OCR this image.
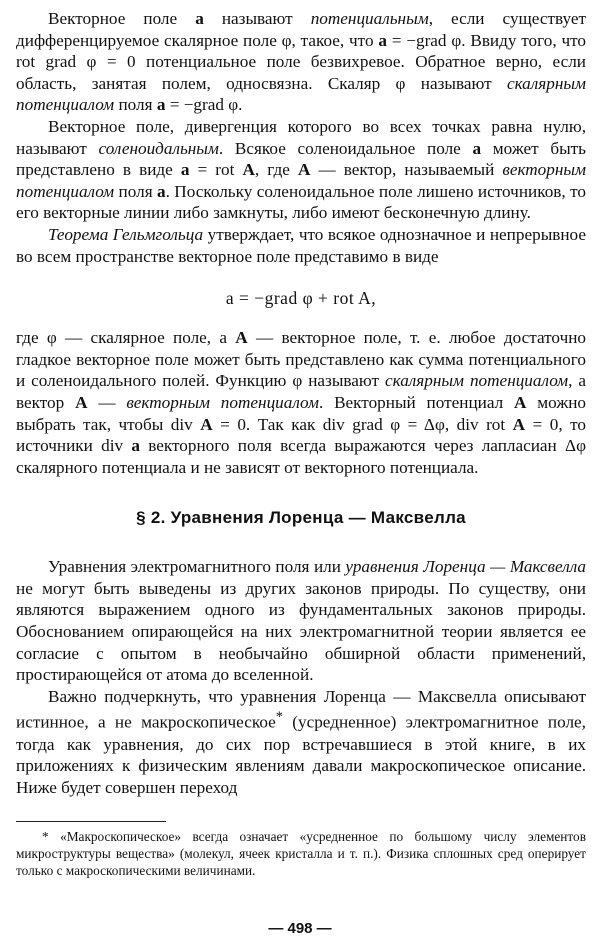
Векторное поле a называют потенциальным, если существует дифференцируемое скалярное поле φ, такое, что a = −grad φ. Ввиду того, что rot grad φ = 0 потенциальное поле безвихревое. Обратное верно, если область, занятая полем, односвязна. Скаляр φ называют скалярным потенциалом поля a = −grad φ.

Векторное поле, дивергенция которого во всех точках равна нулю, называют соленоидальным. Всякое соленоидальное поле a может быть представлено в виде a = rot A, где A — вектор, называемый векторным потенциалом поля a. Поскольку соленоидальное поле лишено источников, то его векторные линии либо замкнуты, либо имеют бесконечную длину.

Теорема Гельмгольца утверждает, что всякое однозначное и непрерывное во всем пространстве векторное поле представимо в виде

a = −grad φ + rot A,

где φ — скалярное поле, а A — векторное поле, т. е. любое достаточно гладкое векторное поле может быть представлено как сумма потенциального и соленоидального полей. Функцию φ называют скалярным потенциалом, а вектор A — векторным потенциалом. Векторный потенциал A можно выбрать так, чтобы div A = 0. Так как div grad φ = Δφ, div rot A = 0, то источники div a векторного поля всегда выражаются через лапласиан Δφ скалярного потенциала и не зависят от векторного потенциала.

§ 2. Уравнения Лоренца — Максвелла

Уравнения электромагнитного поля или уравнения Лоренца — Максвелла не могут быть выведены из других законов природы. По существу, они являются выражением одного из фундаментальных законов природы. Обоснованием опирающейся на них электромагнитной теории является ее согласие с опытом в необычайно обширной области применений, простирающейся от атома до вселенной.

Важно подчеркнуть, что уравнения Лоренца — Максвелла описывают истинное, а не макроскопическое* (усредненное) электромагнитное поле, тогда как уравнения, до сих пор встречавшиеся в этой книге, в их приложениях к физическим явлениям давали макроскопическое описание. Ниже будет совершен переход

* «Макроскопическое» всегда означает «усредненное по большому числу элементов микроструктуры вещества» (молекул, ячеек кристалла и т. п.). Физика сплошных сред оперирует только с макроскопическими величинами.

— 498 —
